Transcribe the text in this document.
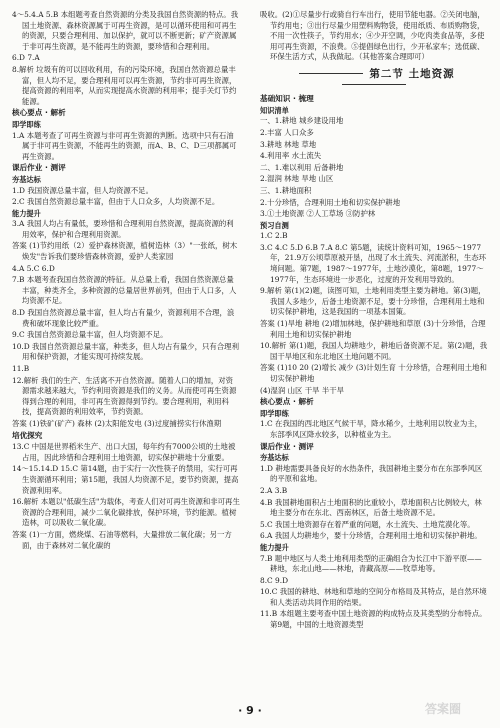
4～5.4.A 5.B 本组题考查自然资源的分类及我国自然资源的特点。我国土地资源、森林资源属于可再生资源，是可以循环使用和可再生的资源，只要合理利用、加以保护，就可以不断更新；矿产资源属于非可再生资源，是不能再生的资源，要珍惜和合理利用。
6.D 7.A
8.解析 垃圾有的可以回收利用，有的污染环境，我国自然资源总量丰富，但人均不足，要合理利用可以再生资源，节约非可再生资源，提高资源的利用率，从而实现提高水资源的利用率；提手关灯节约能源。
核心要点 · 解析
即学即练
1.A 本题考查了可再生资源与非可再生资源的判断。选项中只有石油属于非可再生资源，不能再生的资源，而A、B、C、D三项都属可再生资源。
课后作业 · 测评
夯基达标
1.D 我国资源总量丰富，但人均资源不足。
2.C 我国自然资源总量丰富，但由于人口众多，人均资源不足。
能力提升
3.A 我国人均占有量低，要珍惜和合理利用自然资源，提高资源的利用效率，保护和合理利用资源。
答案 (1)节约用纸（2）爱护森林资源，植树造林（3）"一张纸，树木焕发"告诉我们要珍惜森林资源，爱护人类家园
4.A 5.C 6.D
7.B 本题考查我国自然资源的特征。从总量上看，我国自然资源总量丰富，种类齐全，多种资源的总量居世界前列，但由于人口多，人均资源不足。
8.D 我国自然资源总量丰富，但人均占有量少，资源利用不合理，浪费和破坏现象比较严重。
9.C 我国自然资源总量丰富，但人均资源不足。
10.D 我国自然资源总量丰富，种类多，但人均占有量少，只有合理利用和保护资源，才能实现可持续发展。
11.B
12.解析 我们的生产、生活离不开自然资源。随着人口的增加，对资源需求越来越大，节约利用资源是我们的义务。从而使可再生资源得到合理的利用，非可再生资源得到节约。要合理利用，利用科技，提高资源的利用效率，节约资源。
答案 (1)铁矿(矿产) 森林 (2)太阳能发电 (3)过度捕捞实行休渔期
培优探究
13.C 中国是世界稻米生产、出口大国，每年约有7000公顷的土地被占用，因此珍惜和合理利用土地资源，切实保护耕地十分重要。
14～15.14.D 15.C 第14题，由于实行一次性筷子的禁用，实行可再生资源循环利用；第15题，我国人均资源不足，要节约资源，提高资源利用率。
16.解析 本题以"低碳生活"为载体，考查人们对可再生资源和非可再生资源的合理利用，减少二氧化碳排放，保护环境，节约能源。植树造林，可以吸收二氧化碳。
答案 (1)一方面，燃烧煤、石油等燃料，大量排放二氧化碳；另一方面，由于森林对二氧化碳的
吸收。(2)①尽量步行或骑自行车出行，使用节能电器。②关闭电脑，节约用电；③出行尽量少用塑料购物袋，使用纸质、布质购物袋，不用一次性筷子，节约用水；④少开空调，少吃肉类食品等，多使用可再生资源，不浪费。⑤提倡绿色出行，少开私家车；选低碳、环保生活方式，从我做起。（其他答案合理即可）
第二节 土地资源
基础知识 · 梳理
知识清单
一、1.耕地 城乡建设用地
2.丰富 人口众多
3.耕地 林地 草地
4.利用率 水土流失
二、1.难以利用 后备耕地
2.湿润 林地 旱地 山区
三、1.耕地面积
2.十分珍惜，合理利用土地和切实保护耕地
3.①土地资源 ②人工草场 ③防护林
预习自测
1.C 2.B
3.C 4.C 5.D 6.B 7.A 8.C 第5题，读统计资料可知，1965～1977年，21.9万公顷草原被开垦，出现了水土流失、河流淤积，生态环境问题。第7题，1987～1977年，土地沙漠化，第8题，1977～1977年，生态环境进一步恶化，过度的开发利用导致的。
9.解析 第(1)(2)题，读图可知，土地利用类型主要为耕地。第(3)题，我国人多地少，后备土地资源不足，要十分珍惜，合理利用土地和切实保护耕地，这是我国的一项基本国策。
答案 (1)旱地 耕地 (2)增加林地，保护耕地和草原 (3)十分珍惜，合理利用土地和切实保护耕地
10.解析 第(1)题，我国人均耕地少，耕地后备资源不足。第(2)题，我国干旱地区和东北地区土地问题不同。
答案 (1)10 20 (2)增长 减少 (3)计划生育 十分珍惜，合理利用土地和切实保护耕地
(4)湿润 山区 干旱 半干旱
核心要点 · 解析
即学即练
1.C 在我国的西北地区气候干旱，降水稀少，土地利用以牧业为主，东部季风区降水较多，以种植业为主。
课后作业 · 测评
夯基达标
1.D 耕地需要具备良好的水热条件，我国耕地主要分布在东部季风区的平原和盆地。
2.A 3.B
4.B 我国耕地面积占土地面积的比重较小，草地面积占比例较大，林地主要分布在东北、西南林区，后备土地资源不足。
5.C 我国土地资源存在着严重的问题，水土流失、土地荒漠化等。
6.A 我国人均耕地少，要十分珍惜，合理利用土地和切实保护耕地。
能力提升
7.B 题中地区与人类土地利用类型的正确组合为长江中下游平原——耕地，东北山地——林地，青藏高原——牧草地等。
8.C 9.D
10.C 我国的耕地、林地和草地的空间分布格局及其特点，是自然环境和人类活动共同作用的结果。
11.B 本组题主要考查中国土地资源的构成特点及其类型的分布特点。第9题，中国的土地资源类型
· 9 ·	答案圈
